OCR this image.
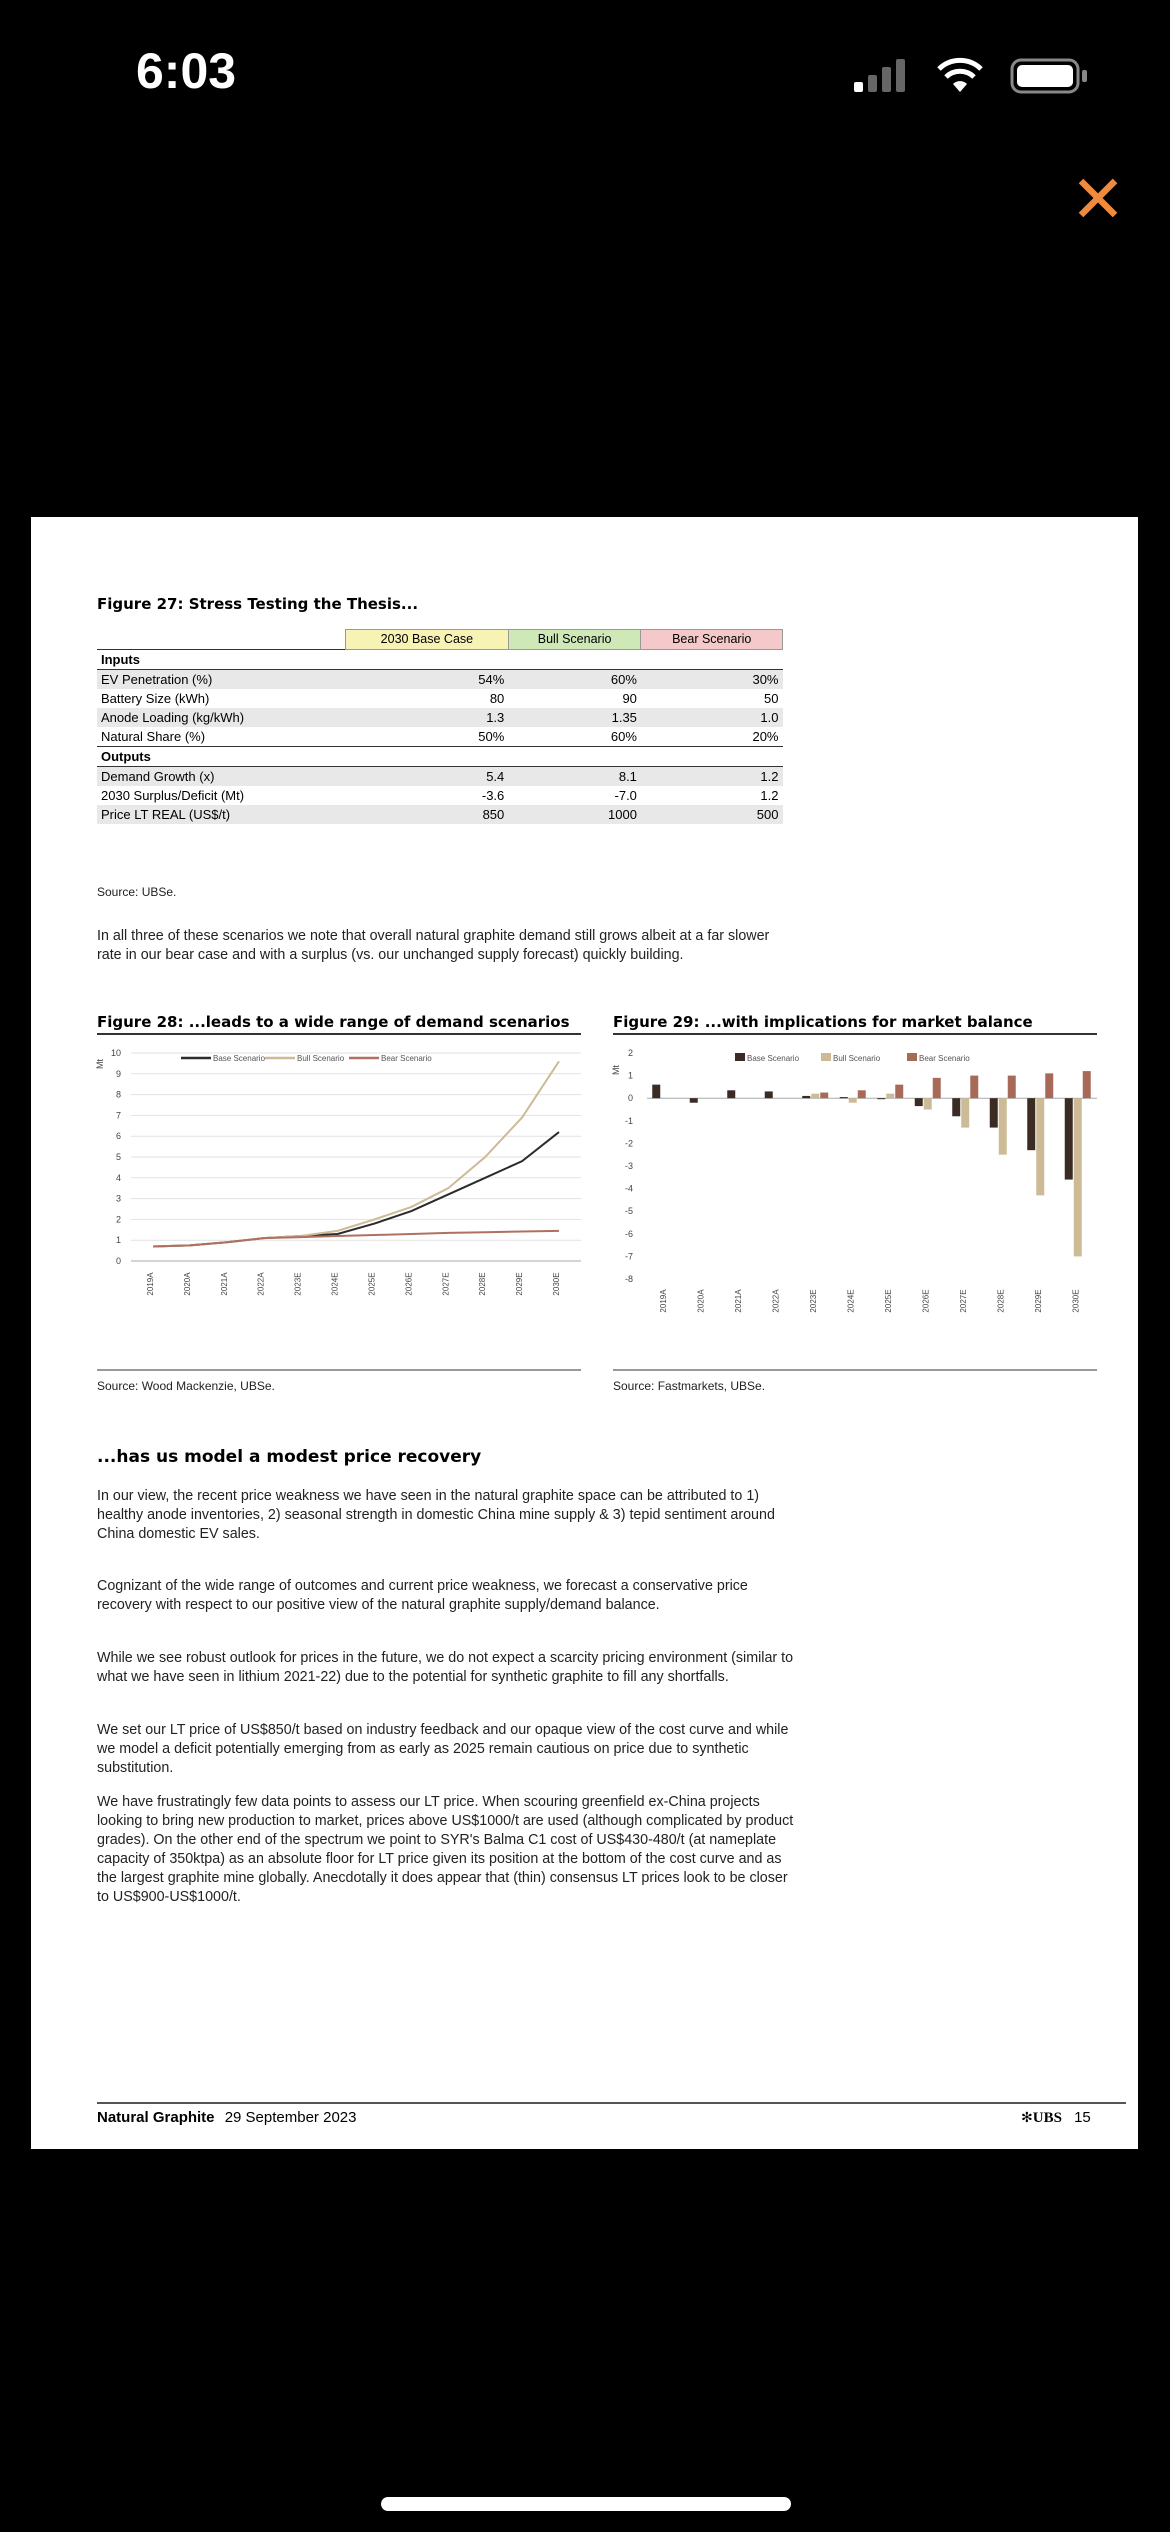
6:03
✕
Figure 27: Stress Testing the Thesis...
	2030 Base Case	Bull Scenario	Bear Scenario
Inputs			
EV Penetration (%)	54%	60%	30%
Battery Size (kWh)	80	90	50
Anode Loading (kg/kWh)	1.3	1.35	1.0
Natural Share (%)	50%	60%	20%
Outputs			
Demand Growth (x)	5.4	8.1	1.2
2030 Surplus/Deficit (Mt)	-3.6	-7.0	1.2
Price LT REAL (US$/t)	850	1000	500
Source: UBSe.

In all three of these scenarios we note that overall natural graphite demand still grows albeit at a far slower rate in our bear case and with a surplus (vs. our unchanged supply forecast) quickly building.

Figure 28: ...leads to a wide range of demand scenarios	Figure 29: ...with implications for market balance
0
1
2
3
4
5
6
7
8
9
10
Mt
2019A	2020A	2021A	2022A	2023E	2024E	2025E	2026E	2027E	2028E	2029E	2030E
Base Scenario	Bull Scenario	Bear Scenario
2
1
0
-1
-2
-3
-4
-5
-6
-7
-8
Mt
2019A	2020A	2021A	2022A	2023E	2024E	2025E	2026E	2027E	2028E	2029E	2030E
Base Scenario	Bull Scenario	Bear Scenario
Source: Wood Mackenzie, UBSe.	Source: Fastmarkets, UBSe.
...has us model a modest price recovery

In our view, the recent price weakness we have seen in the natural graphite space can be attributed to 1) healthy anode inventories, 2) seasonal strength in domestic China mine supply & 3) tepid sentiment around China domestic EV sales.

Cognizant of the wide range of outcomes and current price weakness, we forecast a conservative price recovery with respect to our positive view of the natural graphite supply/demand balance.

While we see robust outlook for prices in the future, we do not expect a scarcity pricing environment (similar to what we have seen in lithium 2021-22) due to the potential for synthetic graphite to fill any shortfalls.

We set our LT price of US$850/t based on industry feedback and our opaque view of the cost curve and while we model a deficit potentially emerging from as early as 2025 remain cautious on price due to synthetic substitution.

We have frustratingly few data points to assess our LT price. When scouring greenfield ex-China projects looking to bring new production to market, prices above US$1000/t are used (although complicated by product grades). On the other end of the spectrum we point to SYR's Balma C1 cost of US$430-480/t (at nameplate capacity of 350ktpa) as an absolute floor for LT price given its position at the bottom of the cost curve and as the largest graphite mine globally. Anecdotally it does appear that (thin) consensus LT prices look to be closer to US$900-US$1000/t.

Natural Graphite 29 September 2023	✻UBS 15
